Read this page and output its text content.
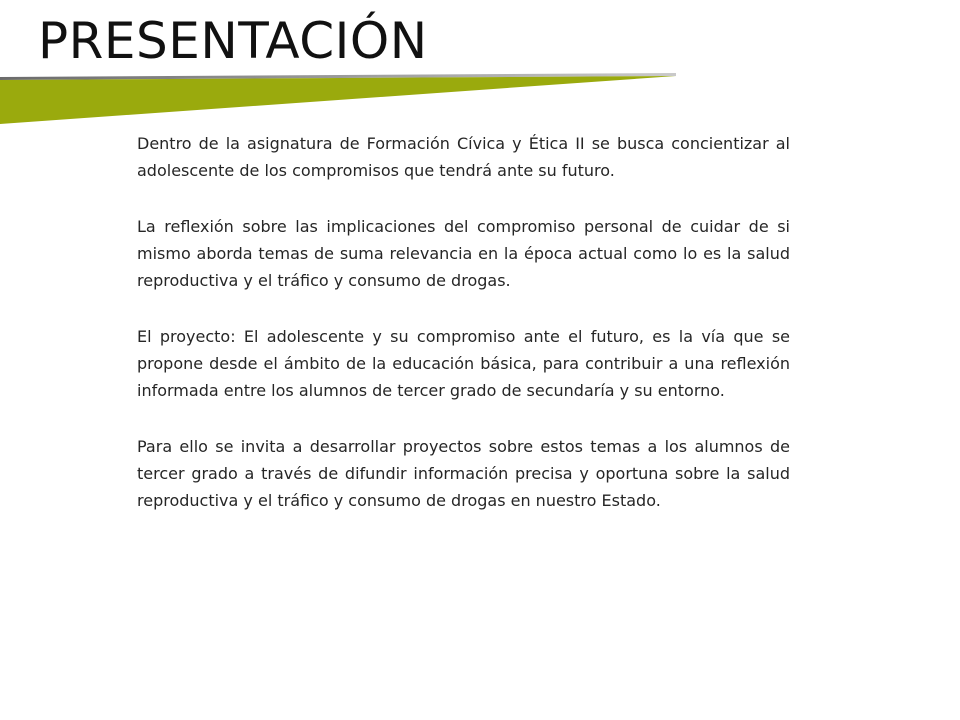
PRESENTACIÓN

Dentro de la asignatura de Formación Cívica y Ética II se busca concientizar al adolescente de los compromisos que tendrá ante su futuro.

La reflexión sobre las implicaciones del compromiso personal de cuidar de si mismo aborda temas de suma relevancia en la época actual como lo es la salud reproductiva y el tráfico y consumo de drogas.

El proyecto: El adolescente y su compromiso ante el futuro, es la vía que se propone desde el ámbito de la educación básica, para contribuir a una reflexión informada entre los alumnos de tercer grado de secundaría y su entorno.

Para ello se invita a desarrollar proyectos sobre estos temas a los alumnos de tercer grado a través de difundir información precisa y oportuna sobre la salud reproductiva y el tráfico y consumo de drogas en nuestro Estado.
